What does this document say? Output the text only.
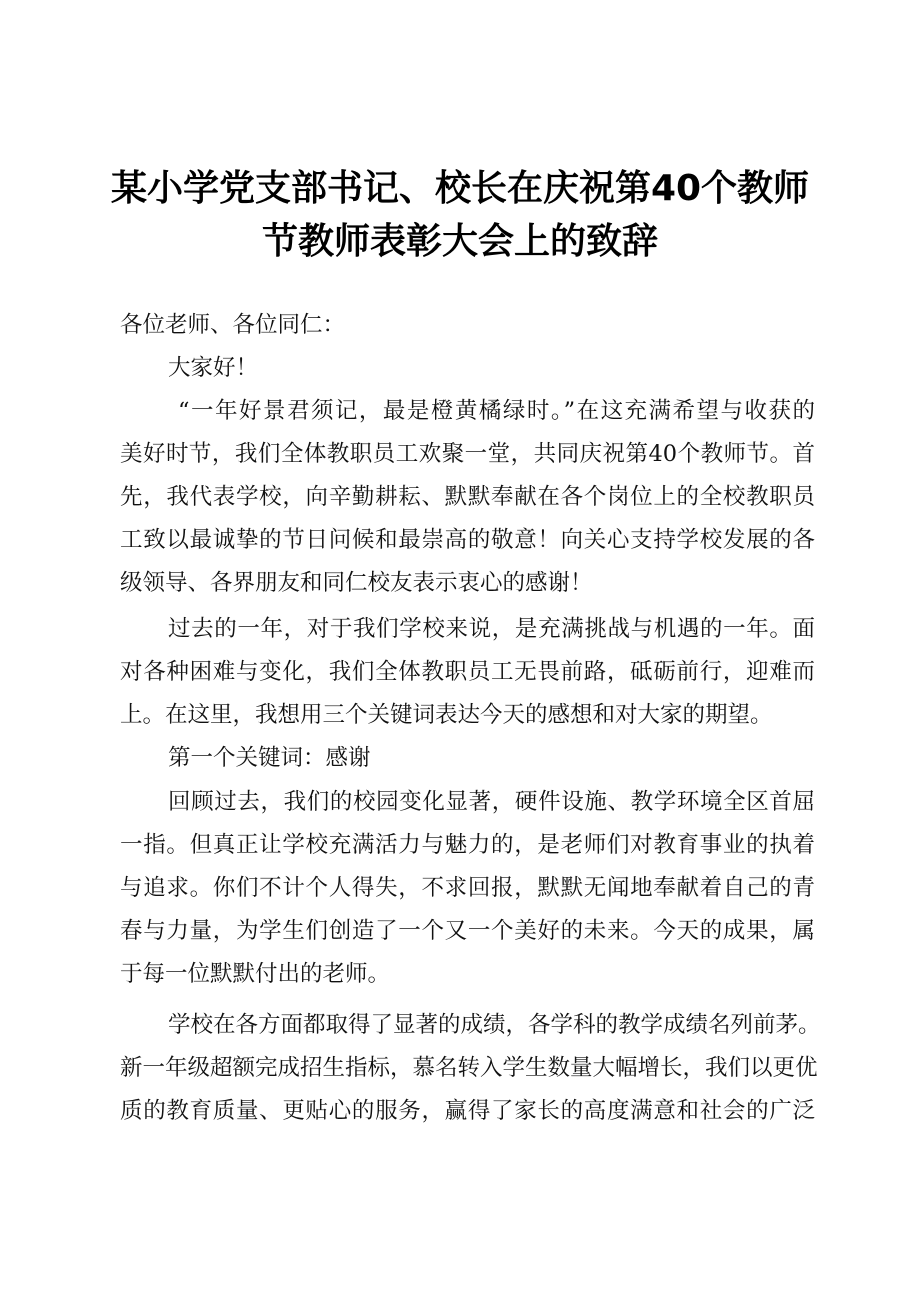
某小学党支部书记、校长在庆祝第40个教师
节教师表彰大会上的致辞
各位老师、各位同仁：
大家好！
“一年好景君须记，最是橙黄橘绿时。”在这充满希望与收获的
美好时节，我们全体教职员工欢聚一堂，共同庆祝第40个教师节。首
先，我代表学校，向辛勤耕耘、默默奉献在各个岗位上的全校教职员
工致以最诚挚的节日问候和最崇高的敬意！向关心支持学校发展的各
级领导、各界朋友和同仁校友表示衷心的感谢！
过去的一年，对于我们学校来说，是充满挑战与机遇的一年。面
对各种困难与变化，我们全体教职员工无畏前路，砥砺前行，迎难而
上。在这里，我想用三个关键词表达今天的感想和对大家的期望。
第一个关键词：感谢
回顾过去，我们的校园变化显著，硬件设施、教学环境全区首屈
一指。但真正让学校充满活力与魅力的，是老师们对教育事业的执着
与追求。你们不计个人得失，不求回报，默默无闻地奉献着自己的青
春与力量，为学生们创造了一个又一个美好的未来。今天的成果，属
于每一位默默付出的老师。
学校在各方面都取得了显著的成绩，各学科的教学成绩名列前茅。
新一年级超额完成招生指标，慕名转入学生数量大幅增长，我们以更优
质的教育质量、更贴心的服务，赢得了家长的高度满意和社会的广泛
